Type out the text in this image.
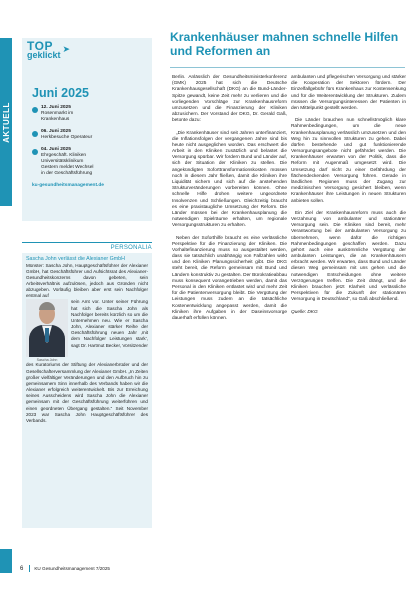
AKTUELL
TOP
geklickt
➤
Juni 2025
12. Juni 2025
Rosenmarkt im
Krankenhaus
06. Juni 2025
Herkbesuche Operateur
04. Juni 2025
Ehrgeschäft. Kliniken
Universitätsklinikum
Gestern meldet Wechsel
in der Geschäftsführung
ku-gesundheitsmanagement.de
PERSONALIA
Sascha John verlässt die Alexianer GmbH

Münster: Sascha John, Hauptgeschäftsführer der Alexianer GmbH, hat Geschäftsführer und Aufsichtsrat des Alexianer-Gesundheitskonzerns davon gebeten, sein Arbeitsverhältnis aufzulösen, jedoch aus Gründen nicht abzugeben. Vorläufig bleiben aber erst sein Nachfolger erstmal auf

Sascha John

sein Amt vor. Unter seiner Führung hat sich die Sascha John als Nachfolger bereits kürzlich so um die Unternehmen neu. Wie er Sascha John, Alexianer stärker Reihe der Geschäftsführung neuen Jahr ‚mit dem Nachfolger Leistungen stark‘, sagt Dr. Hartmut Becker, Vorsitzender

des Kuratoriums der Stiftung der Alexianerbrüder und der Gesellschafterversammlung der Alexianer GmbH. „In Zeiten großer vielfältiger Veränderungen und den Aufbruch hin zu gemeinsamem Sinn innerhalb des Verbands haben wir die Alexianer erfolgreich weiterentwickelt. Bis zur Erreichung seines Ausscheidens wird Sascha John die Alexianer gemeinsam mit der Geschäftsführung weiterführen und einen geordneten Übergang gestalten.“ Seit November 2023 war Sascha John Hauptgeschäftsführer des Verbands.

Krankenhäuser mahnen schnelle Hilfen und Reformen an

Berlin. Anlässlich der Gesundheitsministerkonferenz (GMK) 2025 hat sich die Deutsche Krankenhausgesellschaft (DKG) an die Bund-Länder-Spitze gewandt, keine Zeit mehr zu verlieren und die vorliegenden Vorschläge zur Krankenhausreform umzusetzen und die Finanzierung der Kliniken abzusichern. Der Vorstand der DKG, Dr. Gerald Gaß, betonte dazu:

„Die Krankenhäuser sind seit Jahren unterfinanziert, die Inflationsfolgen der vergangenen Jahre sind bis heute nicht ausgeglichen worden. Das erschwert die Arbeit in den Kliniken zusätzlich und belastet die Versorgung spürbar. Wir fordern Bund und Länder auf, sich der Situation der Kliniken zu stellen. Die angekündigten Soforttransformationskosten müssen noch in diesem Jahr fließen, damit die Kliniken ihre Liquidität sichern und sich auf die anstehenden Strukturveränderungen vorbereiten können. Ohne schnelle Hilfe drohen weitere ungeordnete Insolvenzen und Schließungen. Gleichzeitig braucht es eine praxistaugliche Umsetzung der Reform. Die Länder müssen bei der Krankenhausplanung die notwendigen Spielräume erhalten, um regionale Versorgungsstrukturen zu erhalten.

Neben der Soforthilfe braucht es eine verlässliche Perspektive für die Finanzierung der Kliniken. Die Vorhaltefinanzierung muss so ausgestaltet werden, dass sie tatsächlich unabhängig von Fallzahlen wirkt und den Kliniken Planungssicherheit gibt. Die DKG steht bereit, die Reform gemeinsam mit Bund und Ländern konstruktiv zu gestalten. Der Bürokratieabbau muss konsequent vorangetrieben werden, damit das Personal in den Kliniken entlastet wird und mehr Zeit für die Patientenversorgung bleibt. Die Vergütung der Leistungen muss zudem an die tatsächliche Kostenentwicklung angepasst werden, damit die Kliniken ihre Aufgaben in der Daseinsvorsorge dauerhaft erfüllen können.

ambulanten und pflegerischen Versorgung und stärker die Kooperation der Sektoren fördern. Der Einzelfallgebühr fürs Krankenhaus zur Kostensenkung und für die Weiterentwicklung der Strukturen. Zudem müssen die Versorgungsinteressen der Patienten in den Mittelpunkt gestellt werden.

Die Länder brauchen nun schnellstmöglich klare Rahmenbedingungen, um die neue Krankenhausplanung verlässlich umzusetzen und den Weg hin zu sinnvollen Strukturen zu gehen. Dabei dürfen bestehende und gut funktionierende Versorgungsangebote nicht gefährdet werden. Die Krankenhäuser erwarten von der Politik, dass die Reform mit Augenmaß umgesetzt wird. Die Umsetzung darf nicht zu einer Gefährdung der flächendeckenden Versorgung führen. Gerade in ländlichen Regionen muss der Zugang zur medizinischen Versorgung gesichert bleiben, wenn Krankenhäuser ihre Leistungen in neuen Strukturen anbieten sollen.

Ein Ziel der Krankenhausreform muss auch die Verzahnung von ambulanter und stationärer Versorgung sein. Die Kliniken sind bereit, mehr Verantwortung bei der ambulanten Versorgung zu übernehmen, wenn dafür die richtigen Rahmenbedingungen geschaffen werden. Dazu gehört auch eine auskömmliche Vergütung der ambulanten Leistungen, die an Krankenhäusern erbracht werden. Wir erwarten, dass Bund und Länder diesen Weg gemeinsam mit uns gehen und die notwendigen Entscheidungen ohne weitere Verzögerungen treffen. Die Zeit drängt, und die Kliniken brauchen jetzt Klarheit und verlässliche Perspektiven für die Zukunft der stationären Versorgung in Deutschland“, so Gaß abschließend.

Quelle: DKG
6 KU Gesundheitsmanagement 7/2025
